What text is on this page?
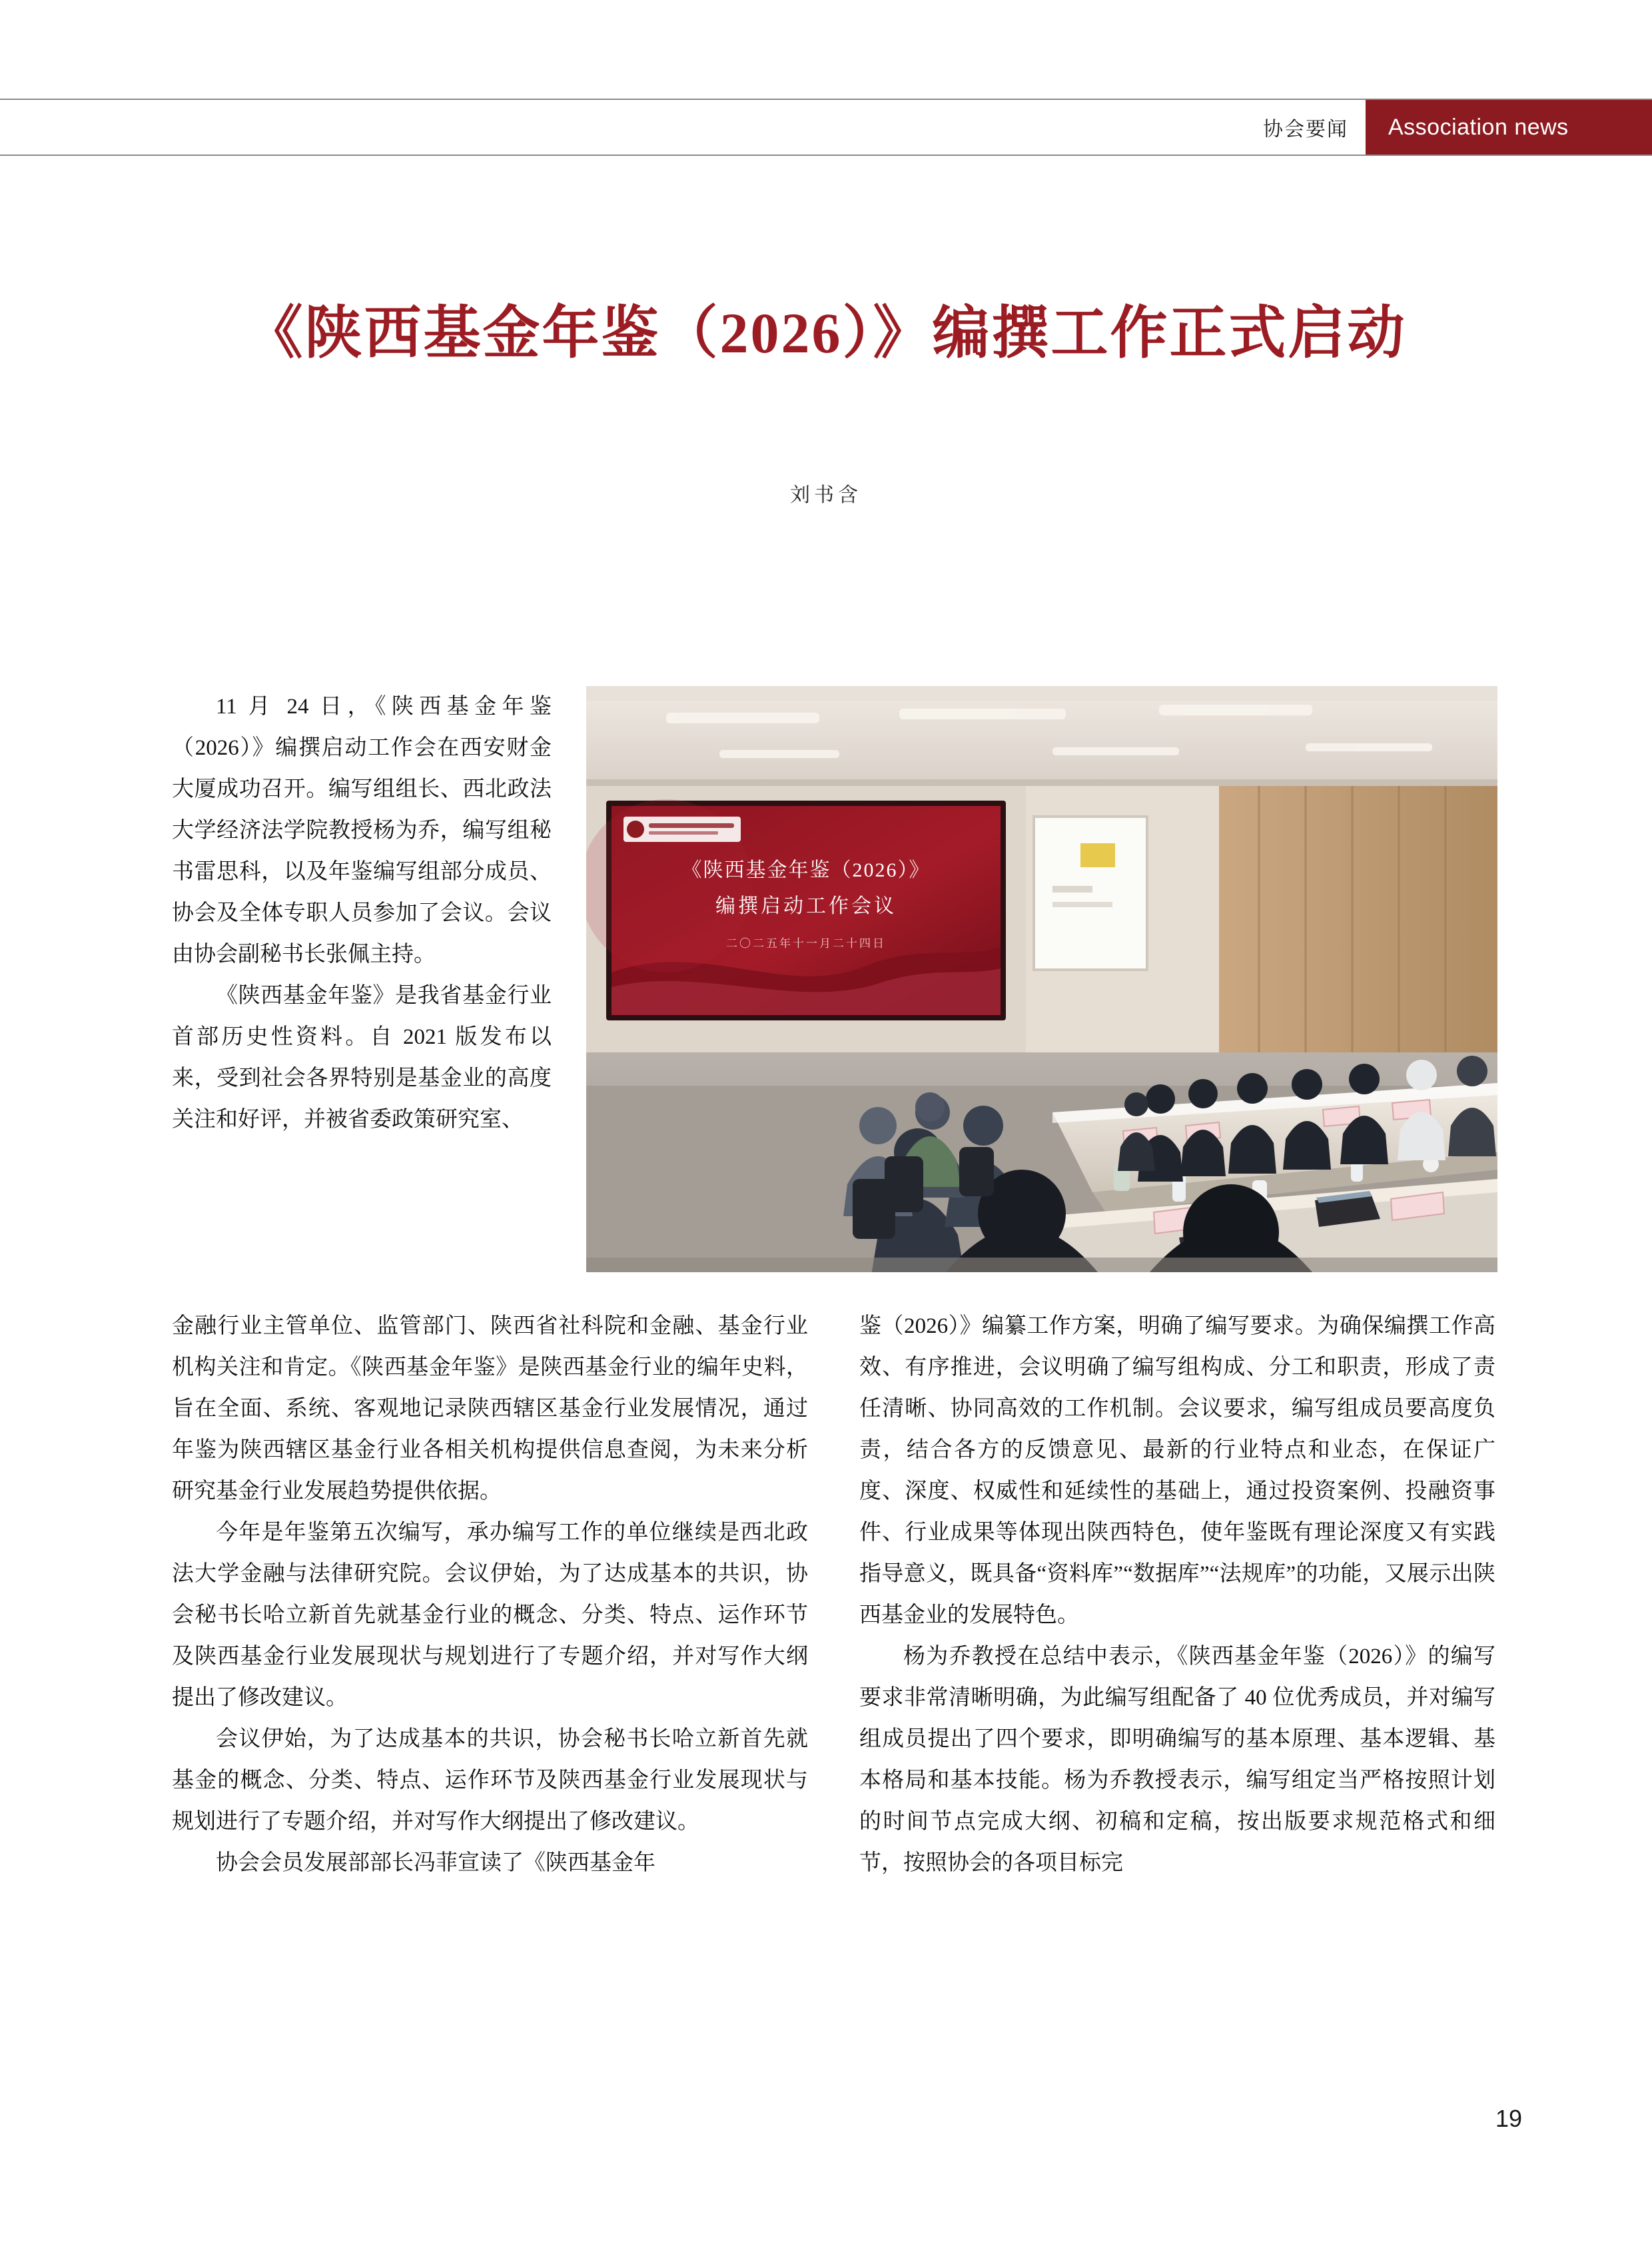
协会要闻	Association news
《陕西基金年鉴（2026）》编撰工作正式启动
刘书含
《陕西基金年鉴（2026）》
编撰启动工作会议
二〇二五年十一月二十四日

11 月 24 日，《陕西基金年鉴（2026）》编撰启动工作会在西安财金大厦成功召开。编写组组长、西北政法大学经济法学院教授杨为乔，编写组秘书雷思科，以及年鉴编写组部分成员、协会及全体专职人员参加了会议。会议由协会副秘书长张佩主持。

《陕西基金年鉴》是我省基金行业首部历史性资料。自 2021 版发布以来，受到社会各界特别是基金业的高度关注和好评，并被省委政策研究室、

金融行业主管单位、监管部门、陕西省社科院和金融、基金行业机构关注和肯定。《陕西基金年鉴》是陕西基金行业的编年史料，旨在全面、系统、客观地记录陕西辖区基金行业发展情况，通过年鉴为陕西辖区基金行业各相关机构提供信息查阅，为未来分析研究基金行业发展趋势提供依据。

今年是年鉴第五次编写，承办编写工作的单位继续是西北政法大学金融与法律研究院。会议伊始，为了达成基本的共识，协会秘书长哈立新首先就基金行业的概念、分类、特点、运作环节及陕西基金行业发展现状与规划进行了专题介绍，并对写作大纲提出了修改建议。

会议伊始，为了达成基本的共识，协会秘书长哈立新首先就基金的概念、分类、特点、运作环节及陕西基金行业发展现状与规划进行了专题介绍，并对写作大纲提出了修改建议。

协会会员发展部部长冯菲宣读了《陕西基金年

鉴（2026）》编纂工作方案，明确了编写要求。为确保编撰工作高效、有序推进，会议明确了编写组构成、分工和职责，形成了责任清晰、协同高效的工作机制。会议要求，编写组成员要高度负责，结合各方的反馈意见、最新的行业特点和业态，在保证广度、深度、权威性和延续性的基础上，通过投资案例、投融资事件、行业成果等体现出陕西特色，使年鉴既有理论深度又有实践指导意义，既具备“资料库”“数据库”“法规库”的功能，又展示出陕西基金业的发展特色。

杨为乔教授在总结中表示，《陕西基金年鉴（2026）》的编写要求非常清晰明确，为此编写组配备了 40 位优秀成员，并对编写组成员提出了四个要求，即明确编写的基本原理、基本逻辑、基本格局和基本技能。杨为乔教授表示，编写组定当严格按照计划的时间节点完成大纲、初稿和定稿，按出版要求规范格式和细节，按照协会的各项目标完

19
